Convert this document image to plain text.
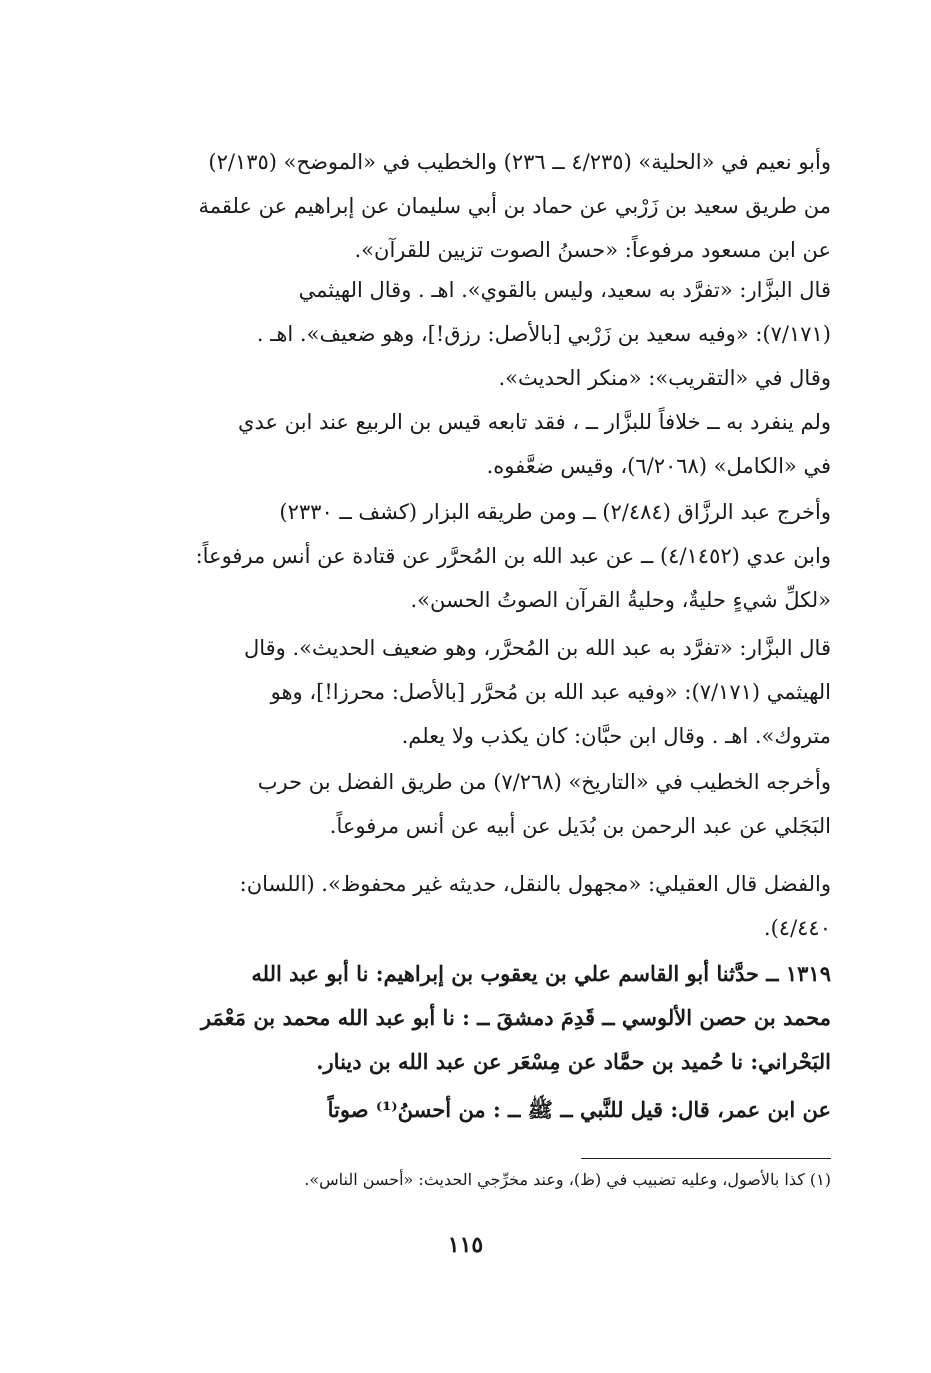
وأبو نعيم في «الحلية» (٤/٢٣٥ ــ ٢٣٦) والخطيب في «الموضح» (٢/١٣٥)
من طريق سعيد بن زَرْبي عن حماد بن أبي سليمان عن إبراهيم عن علقمة
عن ابن مسعود مرفوعاً: «حسنُ الصوت تزيين للقرآن».
قال البزَّار: «تفرَّد به سعيد، وليس بالقوي». اهـ . وقال الهيثمي
(٧/١٧١): «وفيه سعيد بن زَرْبي [بالأصل: رزق!]، وهو ضعيف». اهـ .
وقال في «التقريب»: «منكر الحديث».
ولم ينفرد به ــ خلافاً للبزَّار ــ ، فقد تابعه قيس بن الربيع عند ابن عدي
في «الكامل» (٦/٢٠٦٨)، وقيس ضعَّفوه.
وأخرج عبد الرزَّاق (٢/٤٨٤) ــ ومن طريقه البزار (كشف ــ ٢٣٣٠)
وابن عدي (٤/١٤٥٢) ــ عن عبد الله بن المُحرَّر عن قتادة عن أنس مرفوعاً:
«لكلِّ شيءٍ حليةٌ، وحليةُ القرآن الصوتُ الحسن».
قال البزَّار: «تفرَّد به عبد الله بن المُحرَّر، وهو ضعيف الحديث». وقال
الهيثمي (٧/١٧١): «وفيه عبد الله بن مُحرَّر [بالأصل: محرزا!]، وهو
متروك». اهـ . وقال ابن حبَّان: كان يكذب ولا يعلم.
وأخرجه الخطيب في «التاريخ» (٧/٢٦٨) من طريق الفضل بن حرب
البَجَلي عن عبد الرحمن بن بُدَيل عن أبيه عن أنس مرفوعاً.
والفضل قال العقيلي: «مجهول بالنقل، حديثه غير محفوظ». (اللسان:
٤/٤٤٠).
١٣١٩ ــ حدَّثنا أبو القاسم علي بن يعقوب بن إبراهيم: نا أبو عبد الله
محمد بن حصن الألوسي ــ قَدِمَ دمشقَ ــ : نا أبو عبد الله محمد بن مَعْمَر
البَحْراني: نا حُميد بن حمَّاد عن مِسْعَر عن عبد الله بن دينار.
عن ابن عمر، قال: قيل للنَّبي ــ ﷺ ــ : من أحسنُ⁽¹⁾ صوتاً
(١) كذا بالأصول، وعليه تضبيب في (ظ)، وعند مخرِّجي الحديث: «أحسن الناس».
١١٥
